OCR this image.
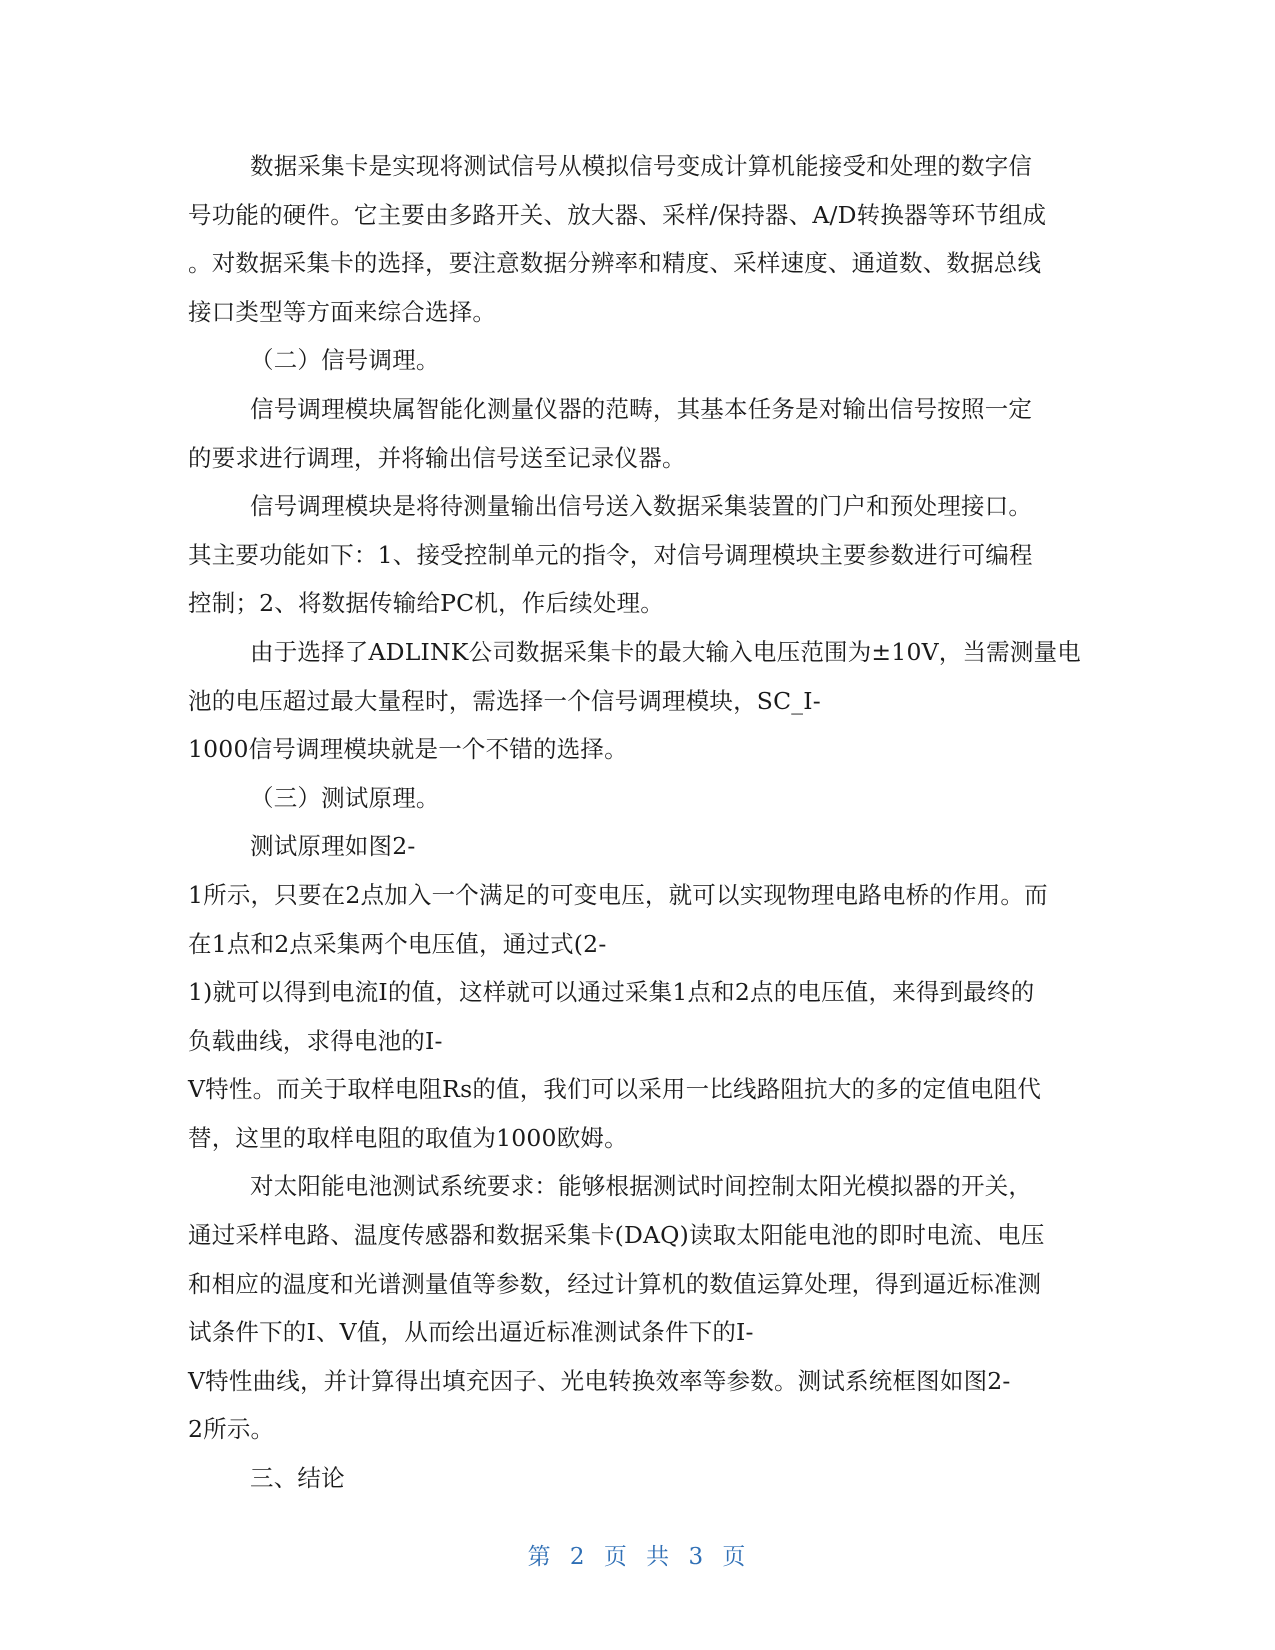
数据采集卡是实现将测试信号从模拟信号变成计算机能接受和处理的数字信
号功能的硬件。它主要由多路开关、放大器、采样/保持器、A/D转换器等环节组成
。对数据采集卡的选择，要注意数据分辨率和精度、采样速度、通道数、数据总线
接口类型等方面来综合选择。
（二）信号调理。
信号调理模块属智能化测量仪器的范畴，其基本任务是对输出信号按照一定
的要求进行调理，并将输出信号送至记录仪器。
信号调理模块是将待测量输出信号送入数据采集装置的门户和预处理接口。
其主要功能如下：1、接受控制单元的指令，对信号调理模块主要参数进行可编程
控制；2、将数据传输给PC机，作后续处理。
由于选择了ADLINK公司数据采集卡的最大输入电压范围为±10V，当需测量电
池的电压超过最大量程时，需选择一个信号调理模块，SC_I-
1000信号调理模块就是一个不错的选择。
（三）测试原理。
测试原理如图2-
1所示，只要在2点加入一个满足的可变电压，就可以实现物理电路电桥的作用。而
在1点和2点采集两个电压值，通过式(2-
1)就可以得到电流I的值，这样就可以通过采集1点和2点的电压值，来得到最终的
负载曲线，求得电池的I-
V特性。而关于取样电阻Rs的值，我们可以采用一比线路阻抗大的多的定值电阻代
替，这里的取样电阻的取值为1000欧姆。
对太阳能电池测试系统要求：能够根据测试时间控制太阳光模拟器的开关，
通过采样电路、温度传感器和数据采集卡(DAQ)读取太阳能电池的即时电流、电压
和相应的温度和光谱测量值等参数，经过计算机的数值运算处理，得到逼近标准测
试条件下的I、V值，从而绘出逼近标准测试条件下的I-
V特性曲线，并计算得出填充因子、光电转换效率等参数。测试系统框图如图2-
2所示。
三、结论
第 2 页 共 3 页
